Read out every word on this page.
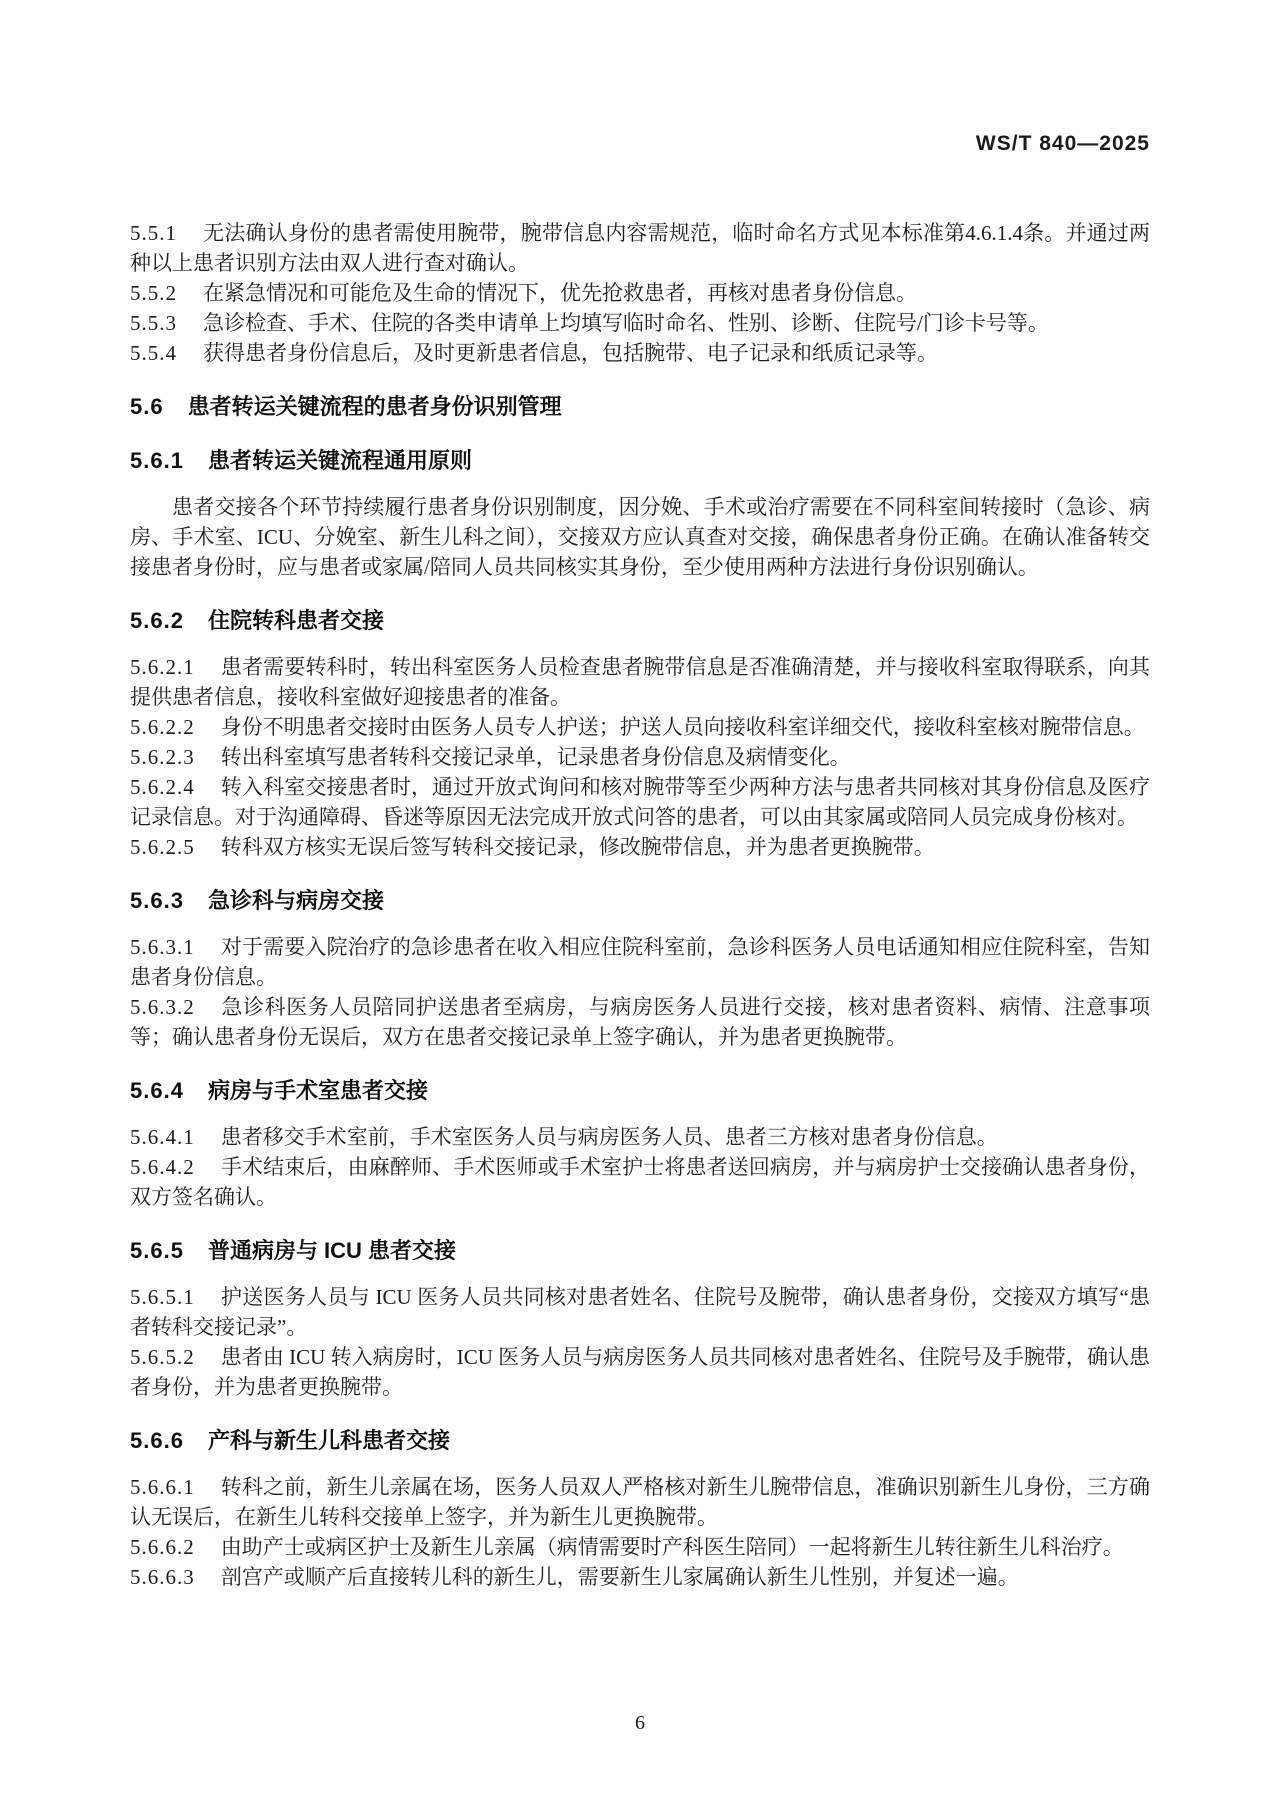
WS/T 840—2025
5.5.1 无法确认身份的患者需使用腕带，腕带信息内容需规范，临时命名方式见本标准第4.6.1.4条。并通过两种以上患者识别方法由双人进行查对确认。
5.5.2 在紧急情况和可能危及生命的情况下，优先抢救患者，再核对患者身份信息。
5.5.3 急诊检查、手术、住院的各类申请单上均填写临时命名、性别、诊断、住院号/门诊卡号等。
5.5.4 获得患者身份信息后，及时更新患者信息，包括腕带、电子记录和纸质记录等。
5.6 患者转运关键流程的患者身份识别管理
5.6.1 患者转运关键流程通用原则
患者交接各个环节持续履行患者身份识别制度，因分娩、手术或治疗需要在不同科室间转接时（急诊、病房、手术室、ICU、分娩室、新生儿科之间），交接双方应认真查对交接，确保患者身份正确。在确认准备转交接患者身份时，应与患者或家属/陪同人员共同核实其身份，至少使用两种方法进行身份识别确认。
5.6.2 住院转科患者交接
5.6.2.1 患者需要转科时，转出科室医务人员检查患者腕带信息是否准确清楚，并与接收科室取得联系，向其提供患者信息，接收科室做好迎接患者的准备。
5.6.2.2 身份不明患者交接时由医务人员专人护送；护送人员向接收科室详细交代，接收科室核对腕带信息。
5.6.2.3 转出科室填写患者转科交接记录单，记录患者身份信息及病情变化。
5.6.2.4 转入科室交接患者时，通过开放式询问和核对腕带等至少两种方法与患者共同核对其身份信息及医疗记录信息。对于沟通障碍、昏迷等原因无法完成开放式问答的患者，可以由其家属或陪同人员完成身份核对。
5.6.2.5 转科双方核实无误后签写转科交接记录，修改腕带信息，并为患者更换腕带。
5.6.3 急诊科与病房交接
5.6.3.1 对于需要入院治疗的急诊患者在收入相应住院科室前，急诊科医务人员电话通知相应住院科室，告知患者身份信息。
5.6.3.2 急诊科医务人员陪同护送患者至病房，与病房医务人员进行交接，核对患者资料、病情、注意事项等；确认患者身份无误后，双方在患者交接记录单上签字确认，并为患者更换腕带。
5.6.4 病房与手术室患者交接
5.6.4.1 患者移交手术室前，手术室医务人员与病房医务人员、患者三方核对患者身份信息。
5.6.4.2 手术结束后，由麻醉师、手术医师或手术室护士将患者送回病房，并与病房护士交接确认患者身份，双方签名确认。
5.6.5 普通病房与 ICU 患者交接
5.6.5.1 护送医务人员与 ICU 医务人员共同核对患者姓名、住院号及腕带，确认患者身份，交接双方填写“患者转科交接记录”。
5.6.5.2 患者由 ICU 转入病房时，ICU 医务人员与病房医务人员共同核对患者姓名、住院号及手腕带，确认患者身份，并为患者更换腕带。
5.6.6 产科与新生儿科患者交接
5.6.6.1 转科之前，新生儿亲属在场，医务人员双人严格核对新生儿腕带信息，准确识别新生儿身份，三方确认无误后，在新生儿转科交接单上签字，并为新生儿更换腕带。
5.6.6.2 由助产士或病区护士及新生儿亲属（病情需要时产科医生陪同）一起将新生儿转往新生儿科治疗。
5.6.6.3 剖宫产或顺产后直接转儿科的新生儿，需要新生儿家属确认新生儿性别，并复述一遍。
6
